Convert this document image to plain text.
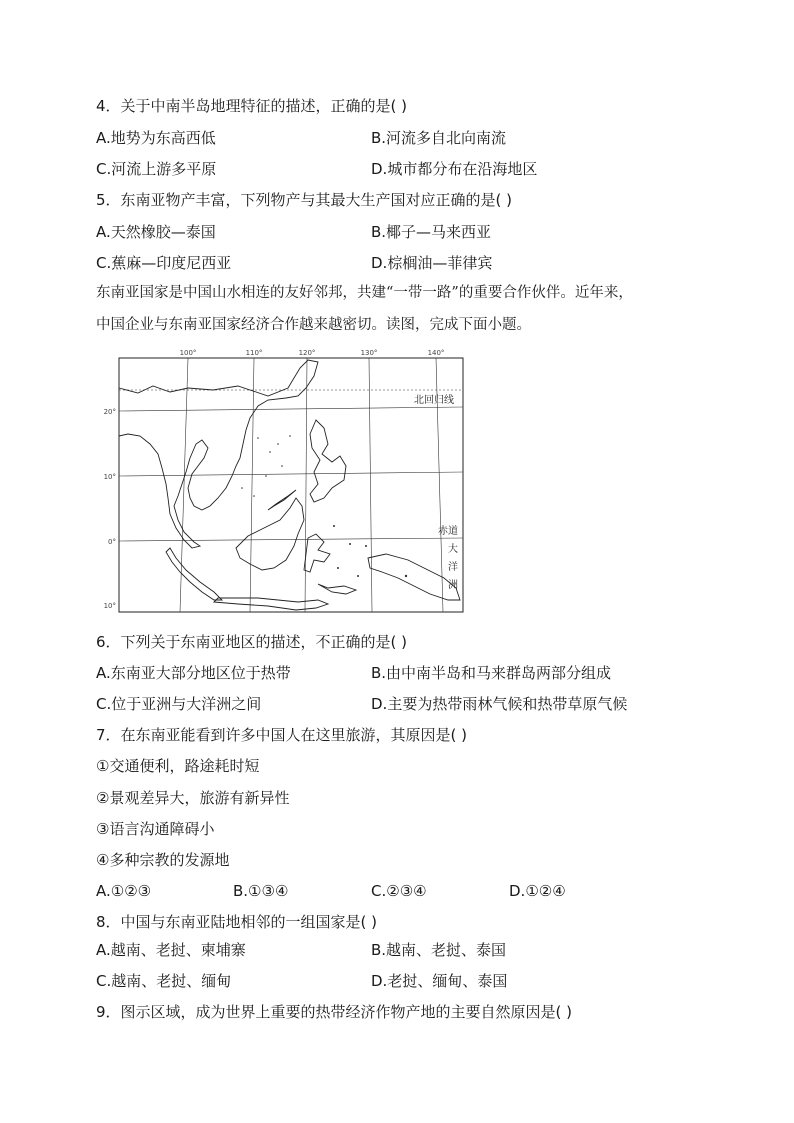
4．关于中南半岛地理特征的描述，正确的是( )
A.地势为东高西低	B.河流多自北向南流
C.河流上游多平原	D.城市都分布在沿海地区
5．东南亚物产丰富，下列物产与其最大生产国对应正确的是( )
A.天然橡胶—泰国	B.椰子—马来西亚
C.蕉麻—印度尼西亚	D.棕榈油—菲律宾
东南亚国家是中国山水相连的友好邻邦，共建“一带一路”的重要合作伙伴。近年来，
中国企业与东南亚国家经济合作越来越密切。读图，完成下面小题。
100°	110°	120°	130°	140°
20°
10°
0°
10°
北回归线
赤道
大
洋
洲
6．下列关于东南亚地区的描述，不正确的是( )
A.东南亚大部分地区位于热带	B.由中南半岛和马来群岛两部分组成
C.位于亚洲与大洋洲之间	D.主要为热带雨林气候和热带草原气候
7．在东南亚能看到许多中国人在这里旅游，其原因是( )
①交通便利，路途耗时短
②景观差异大，旅游有新异性
③语言沟通障碍小
④多种宗教的发源地
A.①②③	B.①③④	C.②③④	D.①②④
8．中国与东南亚陆地相邻的一组国家是( )
A.越南、老挝、柬埔寨	B.越南、老挝、泰国
C.越南、老挝、缅甸	D.老挝、缅甸、泰国
9．图示区域，成为世界上重要的热带经济作物产地的主要自然原因是( )
